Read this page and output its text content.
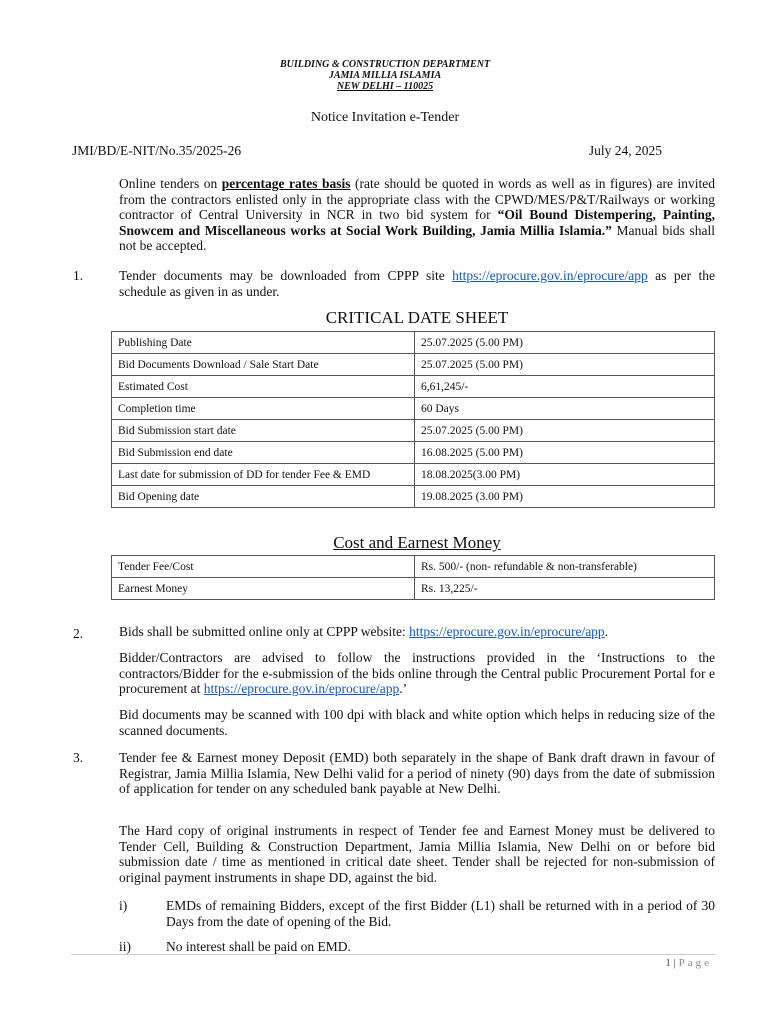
BUILDING & CONSTRUCTION DEPARTMENT
JAMIA MILLIA ISLAMIA
NEW DELHI – 110025
Notice Invitation e-Tender
JMI/BD/E-NIT/No.35/2025-26	July 24, 2025
Online tenders on percentage rates basis (rate should be quoted in words as well as in figures) are invited from the contractors enlisted only in the appropriate class with the CPWD/MES/P&T/Railways or working contractor of Central University in NCR in two bid system for “Oil Bound Distempering, Painting, Snowcem and Miscellaneous works at Social Work Building, Jamia Millia Islamia.” Manual bids shall not be accepted.
1.	Tender documents may be downloaded from CPPP site https://eprocure.gov.in/eprocure/app as per the schedule as given in as under.
CRITICAL DATE SHEET
Publishing Date	25.07.2025 (5.00 PM)
Bid Documents Download / Sale Start Date	25.07.2025 (5.00 PM)
Estimated Cost	6,61,245/-
Completion time	60 Days
Bid Submission start date	25.07.2025 (5.00 PM)
Bid Submission end date	16.08.2025 (5.00 PM)
Last date for submission of DD for tender Fee & EMD	18.08.2025(3.00 PM)
Bid Opening date	19.08.2025 (3.00 PM)
Cost and Earnest Money
Tender Fee/Cost	Rs. 500/- (non- refundable & non-transferable)
Earnest Money	Rs. 13,225/-
2.	Bids shall be submitted online only at CPPP website: https://eprocure.gov.in/eprocure/app.
Bidder/Contractors are advised to follow the instructions provided in the ‘Instructions to the contractors/Bidder for the e-submission of the bids online through the Central public Procurement Portal for e procurement at https://eprocure.gov.in/eprocure/app.’
Bid documents may be scanned with 100 dpi with black and white option which helps in reducing size of the scanned documents.
3.	Tender fee & Earnest money Deposit (EMD) both separately in the shape of Bank draft drawn in favour of Registrar, Jamia Millia Islamia, New Delhi valid for a period of ninety (90) days from the date of submission of application for tender on any scheduled bank payable at New Delhi.
The Hard copy of original instruments in respect of Tender fee and Earnest Money must be delivered to Tender Cell, Building & Construction Department, Jamia Millia Islamia, New Delhi on or before bid submission date / time as mentioned in critical date sheet. Tender shall be rejected for non-submission of original payment instruments in shape DD, against the bid.
i)	EMDs of remaining Bidders, except of the first Bidder (L1) shall be returned with in a period of 30 Days from the date of opening of the Bid.
ii)	No interest shall be paid on EMD.
1 | Page
